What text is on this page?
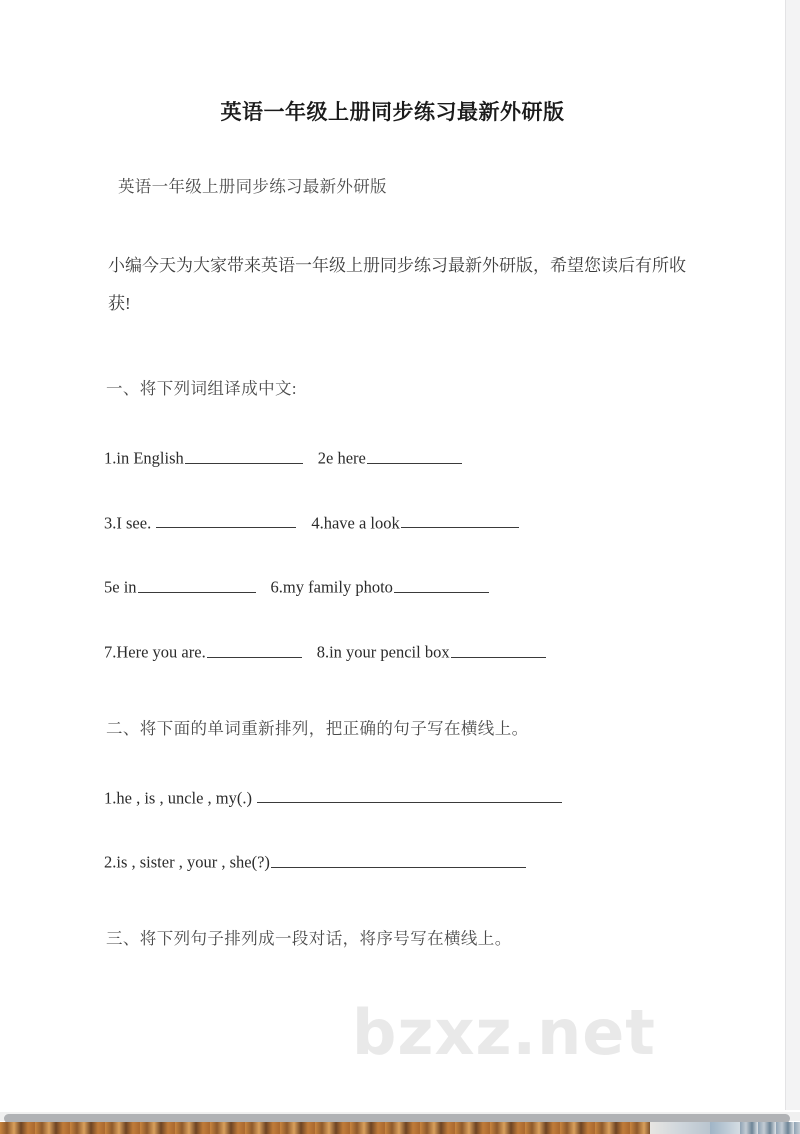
bzxz.net
英语一年级上册同步练习最新外研版

英语一年级上册同步练习最新外研版

小编今天为大家带来英语一年级上册同步练习最新外研版，希望您读后有所收获!

一、将下列词组译成中文:

1.in English	2e here

3.I see.	4.have a look

5e in	6.my family photo

7.Here you are.	8.in your pencil box

二、将下面的单词重新排列，把正确的句子写在横线上。

1.he , is , uncle , my(.)

2.is , sister , your , she(?)

三、将下列句子排列成一段对话，将序号写在横线上。
